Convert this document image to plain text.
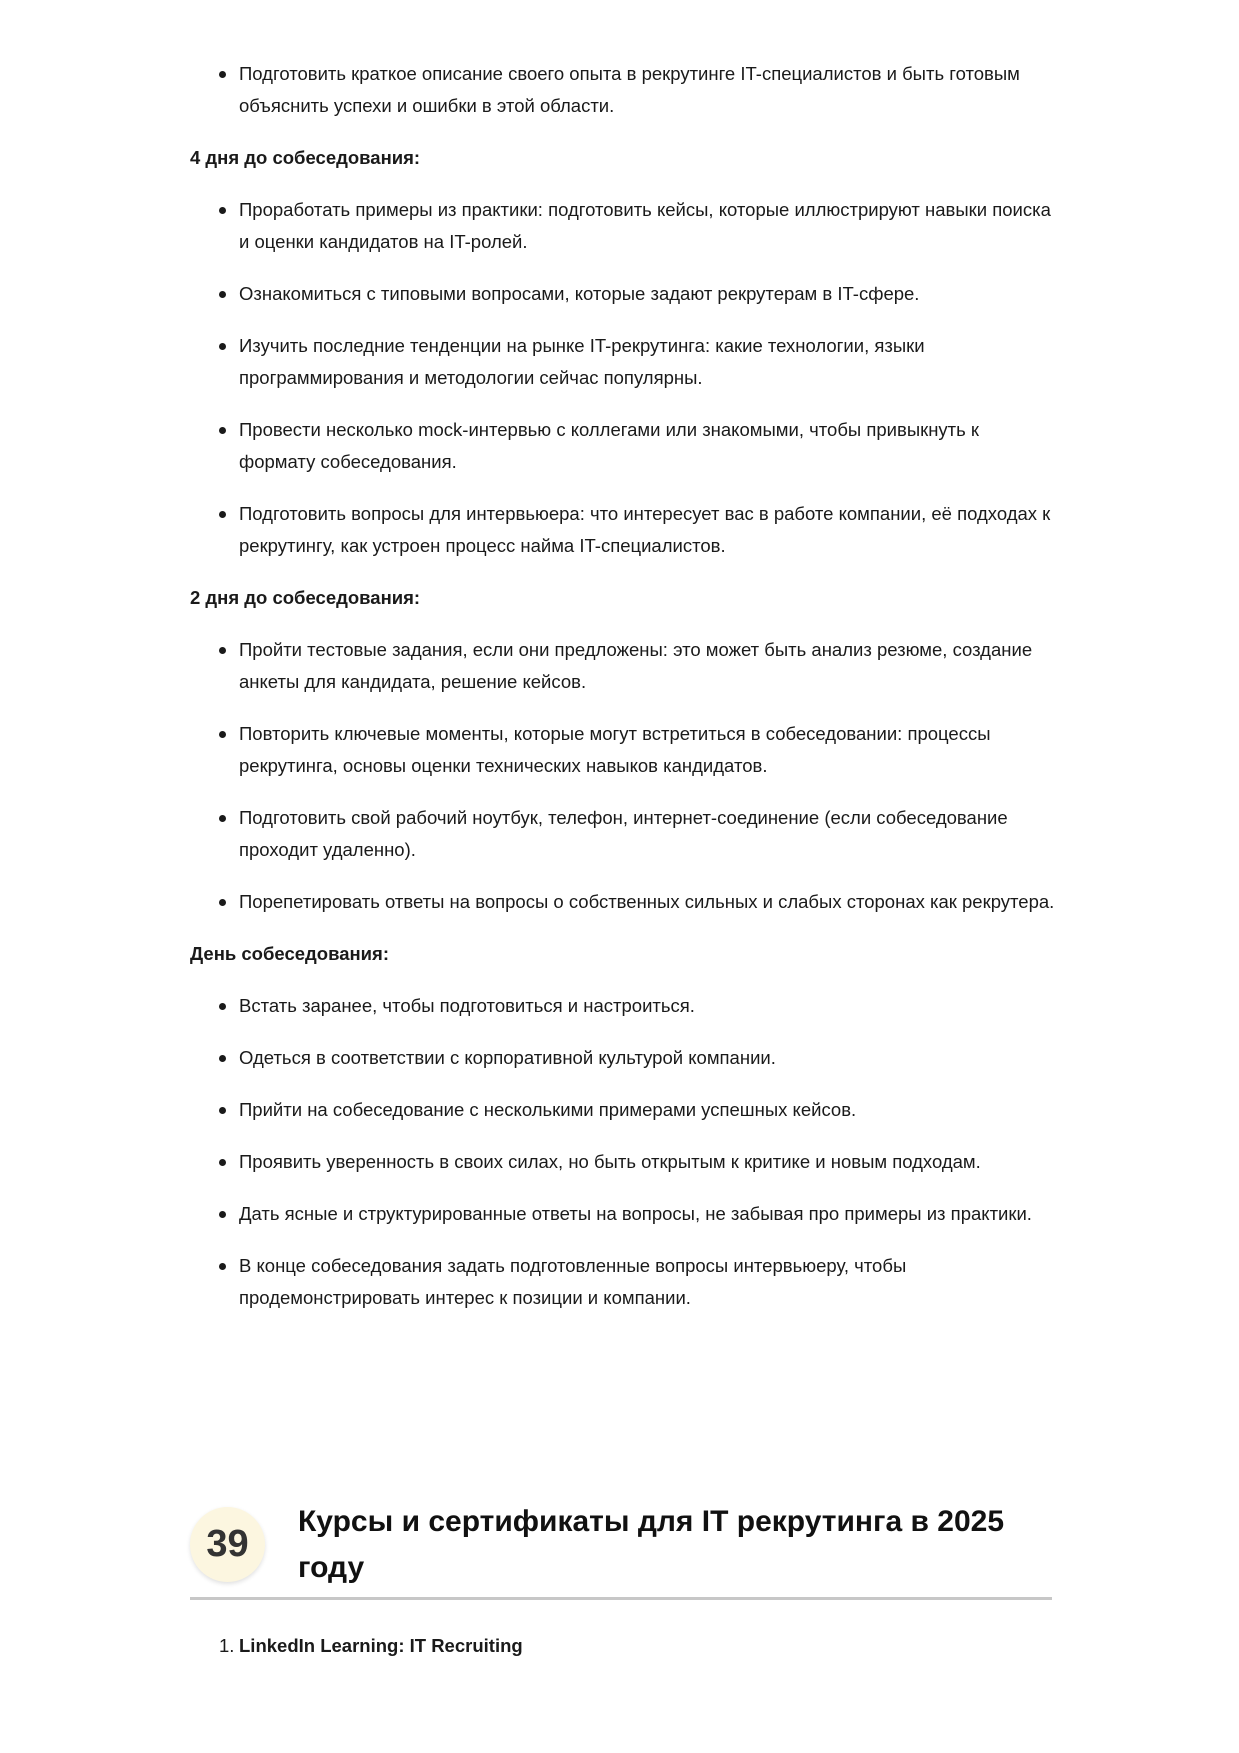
Подготовить краткое описание своего опыта в рекрутинге IT-специалистов и быть готовым объяснить успехи и ошибки в этой области.
4 дня до собеседования:
Проработать примеры из практики: подготовить кейсы, которые иллюстрируют навыки поиска и оценки кандидатов на IT-ролей.
Ознакомиться с типовыми вопросами, которые задают рекрутерам в IT-сфере.
Изучить последние тенденции на рынке IT-рекрутинга: какие технологии, языки программирования и методологии сейчас популярны.
Провести несколько mock-интервью с коллегами или знакомыми, чтобы привыкнуть к формату собеседования.
Подготовить вопросы для интервьюера: что интересует вас в работе компании, её подходах к рекрутингу, как устроен процесс найма IT-специалистов.
2 дня до собеседования:
Пройти тестовые задания, если они предложены: это может быть анализ резюме, создание анкеты для кандидата, решение кейсов.
Повторить ключевые моменты, которые могут встретиться в собеседовании: процессы рекрутинга, основы оценки технических навыков кандидатов.
Подготовить свой рабочий ноутбук, телефон, интернет-соединение (если собеседование проходит удаленно).
Порепетировать ответы на вопросы о собственных сильных и слабых сторонах как рекрутера.
День собеседования:
Встать заранее, чтобы подготовиться и настроиться.
Одеться в соответствии с корпоративной культурой компании.
Прийти на собеседование с несколькими примерами успешных кейсов.
Проявить уверенность в своих силах, но быть открытым к критике и новым подходам.
Дать ясные и структурированные ответы на вопросы, не забывая про примеры из практики.
В конце собеседования задать подготовленные вопросы интервьюеру, чтобы продемонстрировать интерес к позиции и компании.
39
Курсы и сертификаты для IT рекрутинга в 2025 году
1. LinkedIn Learning: IT Recruiting
